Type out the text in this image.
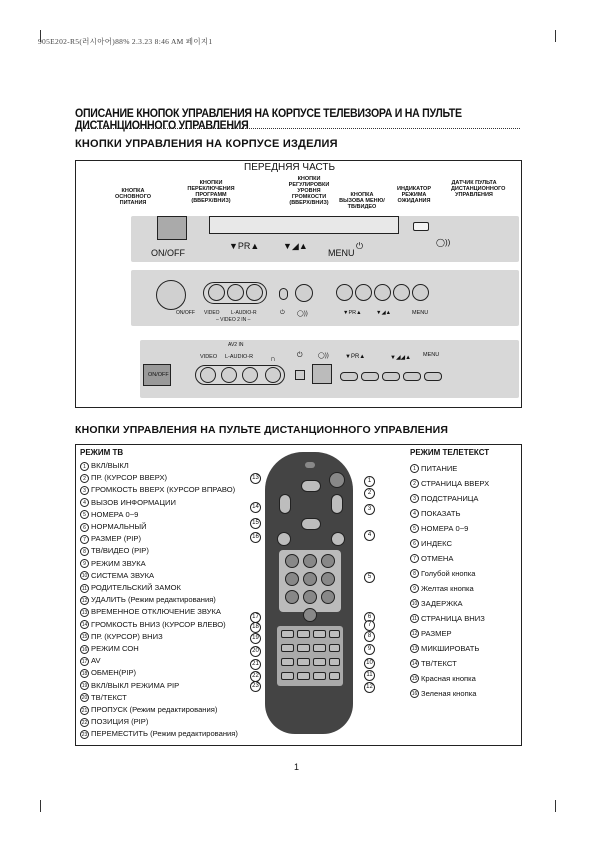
905E202-R5(러시아어)88% 2.3.23 8:46 AM 페이지1
ОПИСАНИЕ КНОПОК УПРАВЛЕНИЯ НА КОРПУСЕ ТЕЛЕВИЗОРА И НА ПУЛЬТЕ ДИСТАНЦИОННОГО УПРАВЛЕНИЯ
КНОПКИ УПРАВЛЕНИЯ НА КОРПУСЕ ИЗДЕЛИЯ
ПЕРЕДНЯЯ ЧАСТЬ
КНОПКА ОСНОВНОГО ПИТАНИЯ
КНОПКИ ПЕРЕКЛЮЧЕНИЯ ПРОГРАММ (ВВЕРХ/ВНИЗ)
КНОПКИ РЕГУЛИРОВКИ УРОВНЯ ГРОМКОСТИ (ВВЕРХ/ВНИЗ)
КНОПКА ВЫЗОВА МЕНЮ/ТВ/ВИДЕО
ИНДИКАТОР РЕЖИМА ОЖИДАНИЯ
ДАТЧИК ПУЛЬТА ДИСТАНЦИОННОГО УПРАВЛЕНИЯ
ON/OFF
▼PR▲	▼◢▲
MENU
⏻	◯))
ON/OFF VIDEO L-AUDIO-R
– VIDEO 2 IN –
⏻ ◯))	▼PR▲	▼◢▲	MENU
AV2 IN
VIDEO L-AUDIO-R
ON/OFF
∩	⏻	◯))	▼PR▲	▼◢◢▲ MENU
КНОПКИ УПРАВЛЕНИЯ НА ПУЛЬТЕ ДИСТАНЦИОННОГО УПРАВЛЕНИЯ
РЕЖИМ ТВ
1 ВКЛ/ВЫКЛ
2 ПР. (КУРСОР ВВЕРХ)
3 ГРОМКОСТЬ ВВЕРХ (КУРСОР ВПРАВО)
4 ВЫЗОВ ИНФОРМАЦИИ
5 НОМЕРА 0~9
6 НОРМАЛЬНЫЙ
7 РАЗМЕР (PIP)
8 ТВ/ВИДЕО (PIP)
9 РЕЖИМ ЗВУКА
10 СИСТЕМА ЗВУКА
11 РОДИТЕЛЬСКИЙ ЗАМОК
12 УДАЛИТЬ (Режим редактирования)
13 ВРЕМЕННОЕ ОТКЛЮЧЕНИЕ ЗВУКА
14 ГРОМКОСТЬ ВНИЗ (КУРСОР ВЛЕВО)
15 ПР. (КУРСОР) ВНИЗ
16 РЕЖИМ СОН
17 AV
18 ОБМЕН(PIP)
19 ВКЛ/ВЫКЛ РЕЖИМА PIP
20 ТВ/ТЕКСТ
21 ПРОПУСК (Режим редактирования)
22 ПОЗИЦИЯ (PIP)
23 ПЕРЕМЕСТИТЬ (Режим редактирования)
РЕЖИМ ТЕЛЕТЕКСТ
1 ПИТАНИЕ
2 СТРАНИЦА ВВЕРХ
3 ПОДСТРАНИЦА
4 ПОКАЗАТЬ
5 НОМЕРА 0~9
6 ИНДЕКС
7 ОТМЕНА
8 Голубой кнопка
9 Желтая кнопка
10 ЗАДЕРЖКА
11 СТРАНИЦА ВНИЗ
12 РАЗМЕР
13 МИКШИРОВАТЬ
14 ТВ/ТЕКСТ
15 Красная кнопка
16 Зеленая кнопка
1
2
3
4
5
6
7
8
9
10
11
12
13
14
15
16
17
18
19
20
21
22
23
1
